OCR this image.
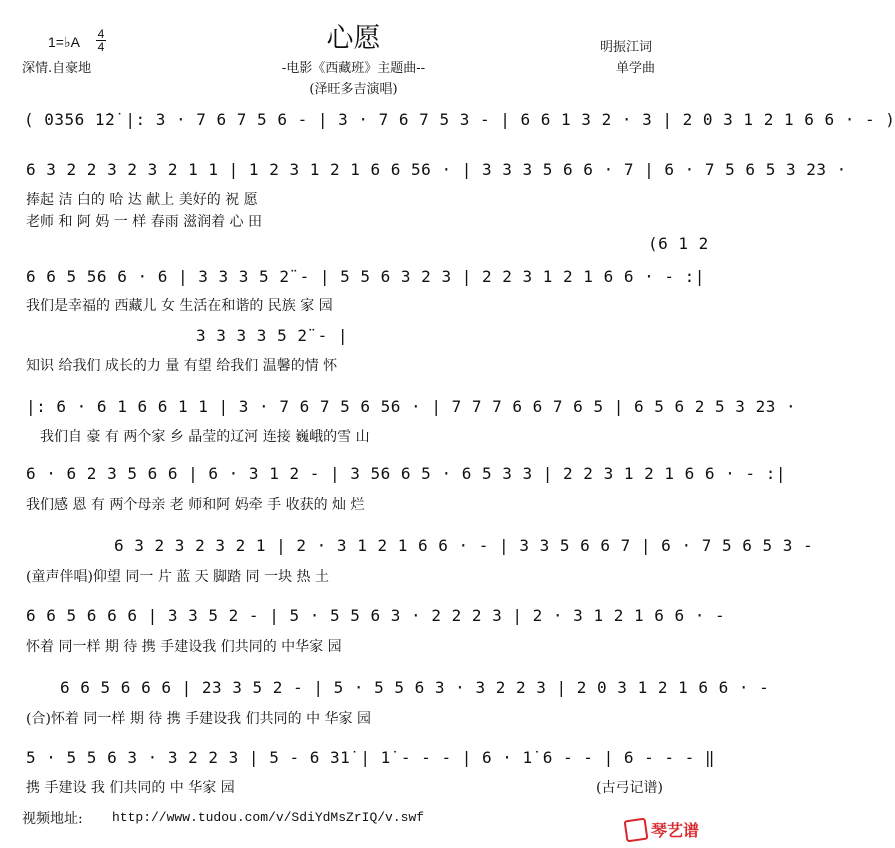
1=♭A 4
4	心愿	明振江词
深情.自豪地	-电影《西藏班》主题曲--	单学曲
(泽旺多吉演唱)
( 0356 1̇2̇ |: 3 · 7 6 7 5 6 - | 3 · 7 6 7 5 3 - | 6 6 1 3 2 · 3 | 2 0 3 1 2 1 6 6 · - )
6 3 2 2 3 2 3 2 1 1 | 1 2 3 1 2 1 6 6 56 · | 3 3 3 5 6 6 · 7 | 6 · 7 5 6 5 3 23 ·
捧起 洁 白的 哈 达 献上 美好的 祝 愿
老师 和 阿 妈 一 样 春雨 滋润着 心 田
(6 1 2
6 6 5 56 6 · 6 | 3 3 3 5 2̈ - | 5 5 6 3 2 3 | 2 2 3 1 2 1 6 6 · - :|
我们是幸福的 西藏儿 女 生活在和谐的 民族 家 园
3 3 3 3 5 2̈ - |
知识 给我们 成长的力 量 有望 给我们 温馨的情 怀
|: 6 · 6 1 6 6 1 1 | 3 · 7 6 7 5 6 56 · | 7 7 7 6 6 7 6 5 | 6 5 6 2 5 3 23 ·
我们自 豪 有 两个家 乡 晶莹的辽河 连接 巍峨的雪 山
6 · 6 2 3 5 6 6 | 6 · 3 1 2 - | 3 56 6 5 · 6 5 3 3 | 2 2 3 1 2 1 6 6 · - :|
我们感 恩 有 两个母亲 老 师和阿 妈牵 手 收获的 灿 烂
6 3 2 3 2 3 2 1 | 2 · 3 1 2 1 6 6 · - | 3 3 5 6 6 7 | 6 · 7 5 6 5 3 -
(童声伴唱)仰望 同一 片 蓝 天 脚踏 同 一块 热 土
6 6 5 6 6 6 | 3 3 5 2 - | 5 · 5 5 6 3 · 2 2 2 3 | 2 · 3 1 2 1 6 6 · -
怀着 同一样 期 待 携 手建设我 们共同的 中华家 园
6 6 5 6 6 6 | 23 3 5 2 - | 5 · 5 5 6 3 · 3 2 2 3 | 2 0 3 1 2 1 6 6 · -
(合)怀着 同一样 期 待 携 手建设我 们共同的 中 华家 园
5 · 5 5 6 3 · 3 2 2 3 | 5 - 6 31̇ | 1̇ - - - | 6 · 1̇ 6 - - | 6 - - - ‖
携 手建设 我 们共同的 中 华家 园	(古弓记谱)
视频地址: http://www.tudou.com/v/SdiYdMsZrIQ/v.swf
琴艺谱
